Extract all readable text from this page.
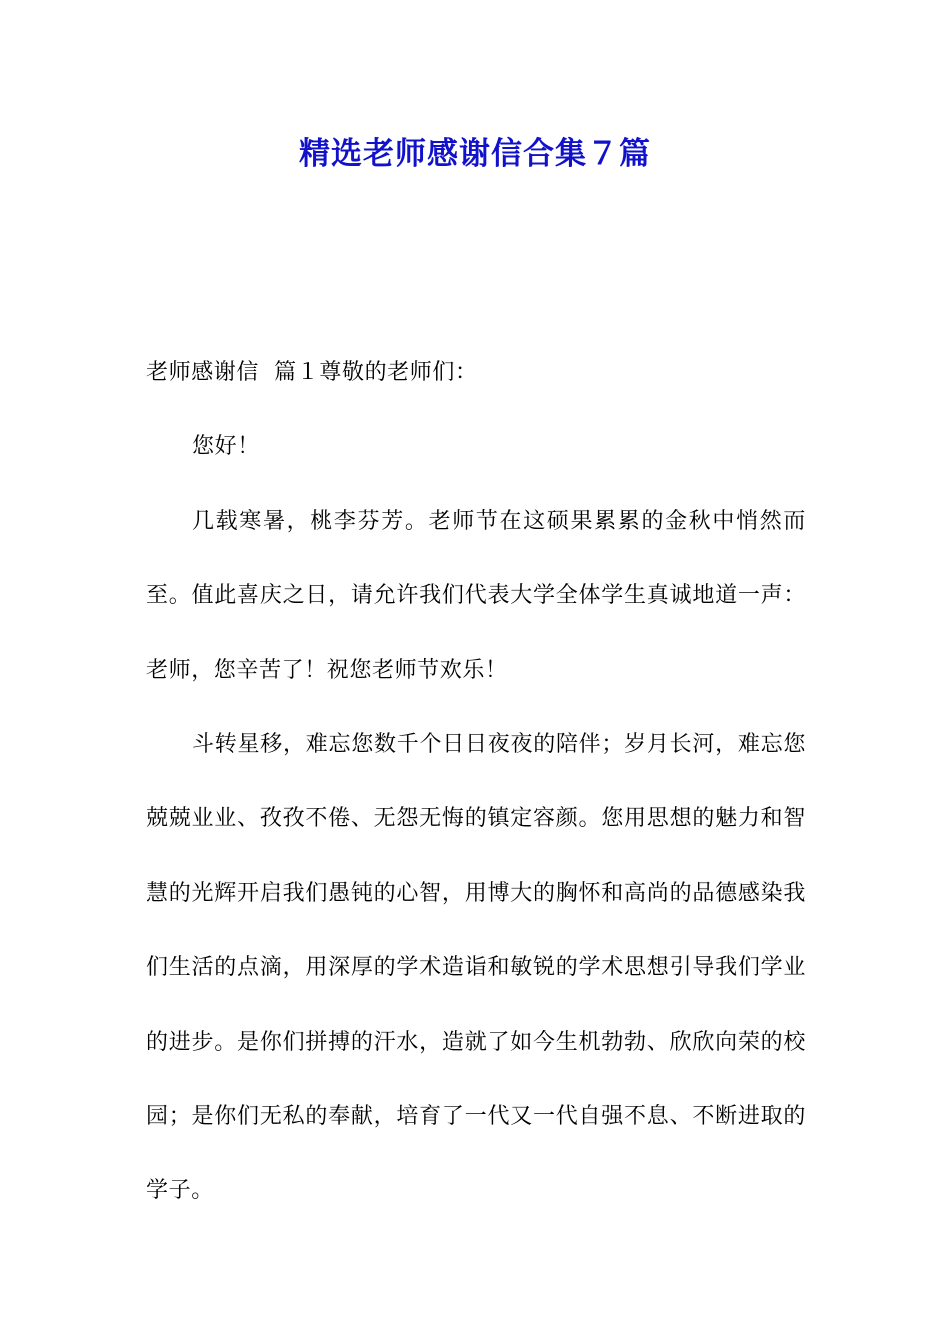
精选老师感谢信合集７篇

老师感谢信  篇１尊敬的老师们：

您好！

几载寒暑，桃李芬芳。老师节在这硕果累累的金秋中悄然而至。值此喜庆之日，请允许我们代表大学全体学生真诚地道一声：老师，您辛苦了！祝您老师节欢乐！

斗转星移，难忘您数千个日日夜夜的陪伴；岁月长河，难忘您兢兢业业、孜孜不倦、无怨无悔的镇定容颜。您用思想的魅力和智慧的光辉开启我们愚钝的心智，用博大的胸怀和高尚的品德感染我们生活的点滴，用深厚的学术造诣和敏锐的学术思想引导我们学业的进步。是你们拼搏的汗水，造就了如今生机勃勃、欣欣向荣的校园；是你们无私的奉献，培育了一代又一代自强不息、不断进取的学子。
